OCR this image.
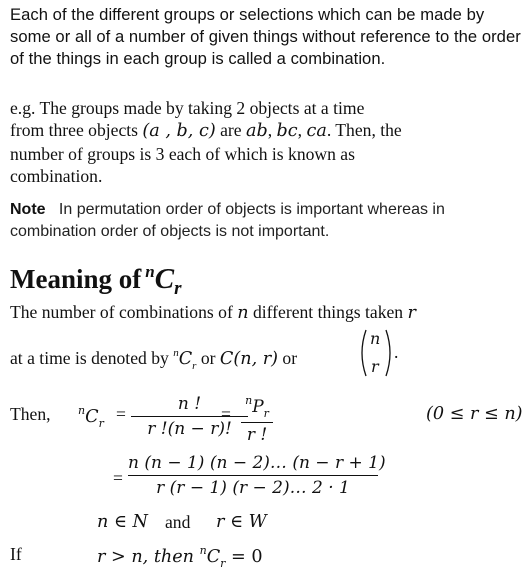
Each of the different groups or selections which can be made by some or all of a number of given things without reference to the order of the things in each group is called a combination.
e.g. The groups made by taking 2 objects at a time
from three objects (a , b, c) are ab, bc, ca. Then, the
number of groups is 3 each of which is known as
combination.
Note In permutation order of objects is important whereas in combination order of objects is not important.
Meaning of $^nC_r$
The number of combinations of n different things taken r
at a time is denoted by $^nC_r$ or C(n, r) or
n
r
.
Then, $^nC_r$ =	n !
r !(n − r)!
=
$^nP_r$
r !
(0 ≤ r ≤ n)
=
n (n − 1) (n − 2)… (n − r + 1)
r (r − 1) (r − 2)… 2 · 1
n ∈ N and r ∈ W
If	r > n, then $^nC_r = 0$
